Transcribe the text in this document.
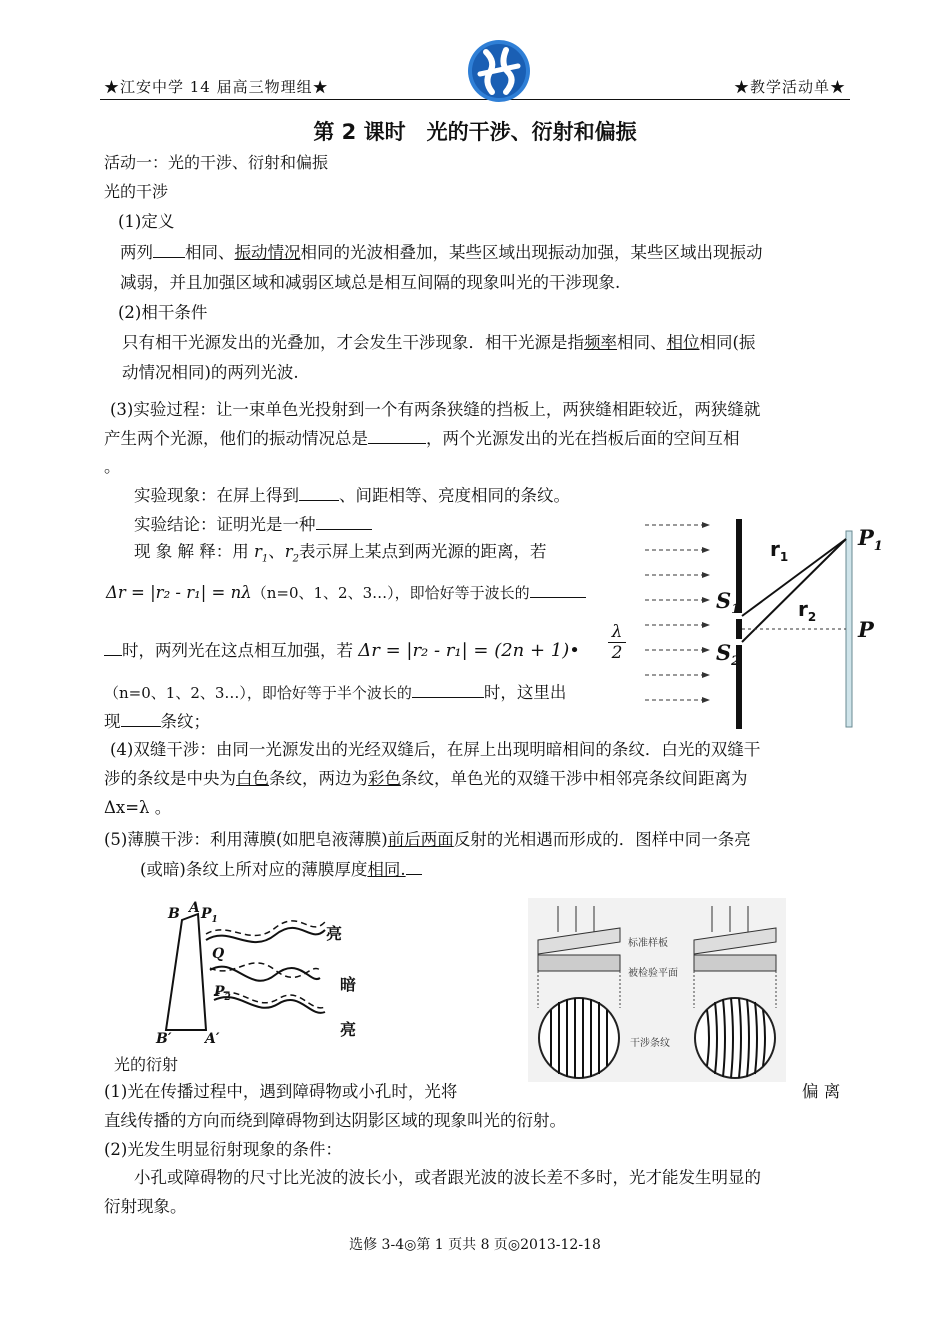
★江安中学 14 届高三物理组★	★教学活动单★
第 2 课时　光的干涉、衍射和偏振
活动一：光的干涉、衍射和偏振
光的干涉
(1)定义
两列 相同、振动情况相同的光波相叠加，某些区域出现振动加强，某些区域出现振动
减弱，并且加强区域和减弱区域总是相互间隔的现象叫光的干涉现象.
(2)相干条件
只有相干光源发出的光叠加，才会发生干涉现象．相干光源是指频率相同、相位相同(振
动情况相同)的两列光波.
(3)实验过程：让一束单色光投射到一个有两条狭缝的挡板上，两狭缝相距较近，两狭缝就
产生两个光源，他们的振动情况总是	，两个光源发出的光在挡板后面的空间互相
。
实验现象：在屏上得到 、间距相等、亮度相同的条纹。
实验结论：证明光是一种
现 象 解 释：用 $r_1$、$r_2$表示屏上某点到两光源的距离，若
Δr = |r₂ - r₁| = nλ（n=0、1、2、3…），即恰好等于波长的
时，两列光在这点相互加强，若 Δr = |r₂ - r₁| = (2n + 1)•
λ
2
（n=0、1、2、3…），即恰好等于半个波长的	时，这里出
现 条纹；
$r_1$
$r_2$
$P_1$
P
$S_1$
$S_2$
(4)双缝干涉：由同一光源发出的光经双缝后，在屏上出现明暗相间的条纹．白光的双缝干
涉的条纹是中央为白色条纹，两边为彩色条纹，单色光的双缝干涉中相邻亮条纹间距离为
Δx=λ 。
(5)薄膜干涉：利用薄膜(如肥皂液薄膜)前后两面反射的光相遇而形成的．图样中同一条亮
(或暗)条纹上所对应的薄膜厚度相同.
B A $P_1$
Q
$P_2$
B′ A′
亮
暗
亮
标准样板
被检验平面
干涉条纹
光的衍射
(1)光在传播过程中，遇到障碍物或小孔时，光将	偏 离
直线传播的方向而绕到障碍物到达阴影区域的现象叫光的衍射。
(2)光发生明显衍射现象的条件：
小孔或障碍物的尺寸比光波的波长小，或者跟光波的波长差不多时，光才能发生明显的
衍射现象。
选修 3-4◎第 1 页共 8 页◎2013-12-18
